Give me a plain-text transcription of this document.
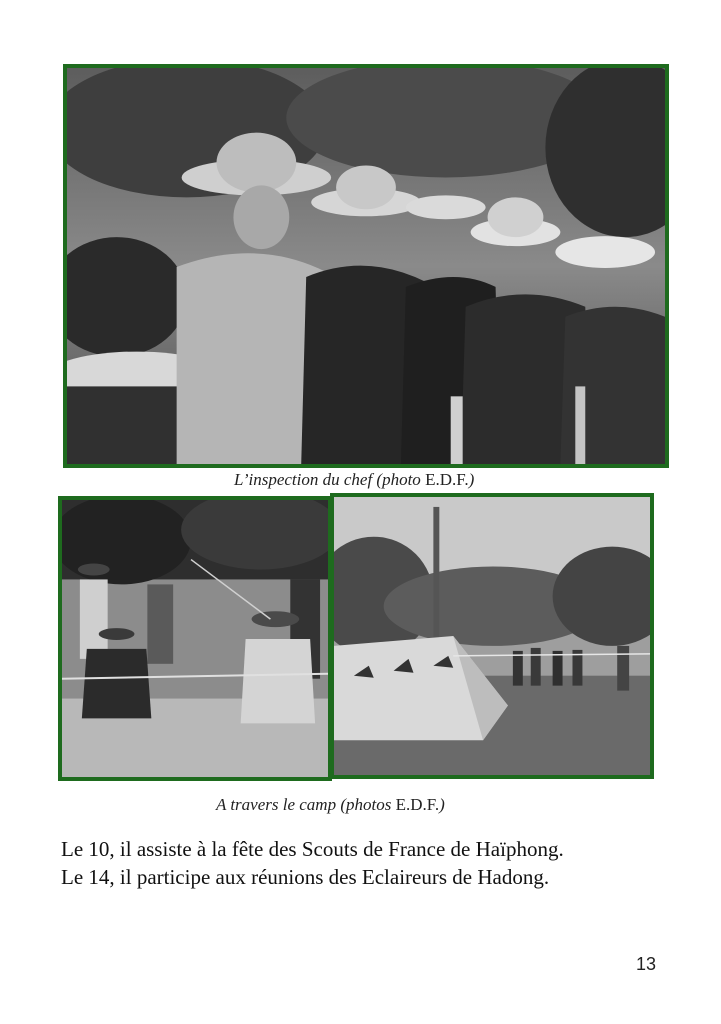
L’inspection du chef (photo E.D.F.)
A travers le camp (photos E.D.F.)

Le 10, il assiste à la fête des Scouts de France de Haïphong.

Le 14, il participe aux réunions des Eclaireurs de Hadong.

13
